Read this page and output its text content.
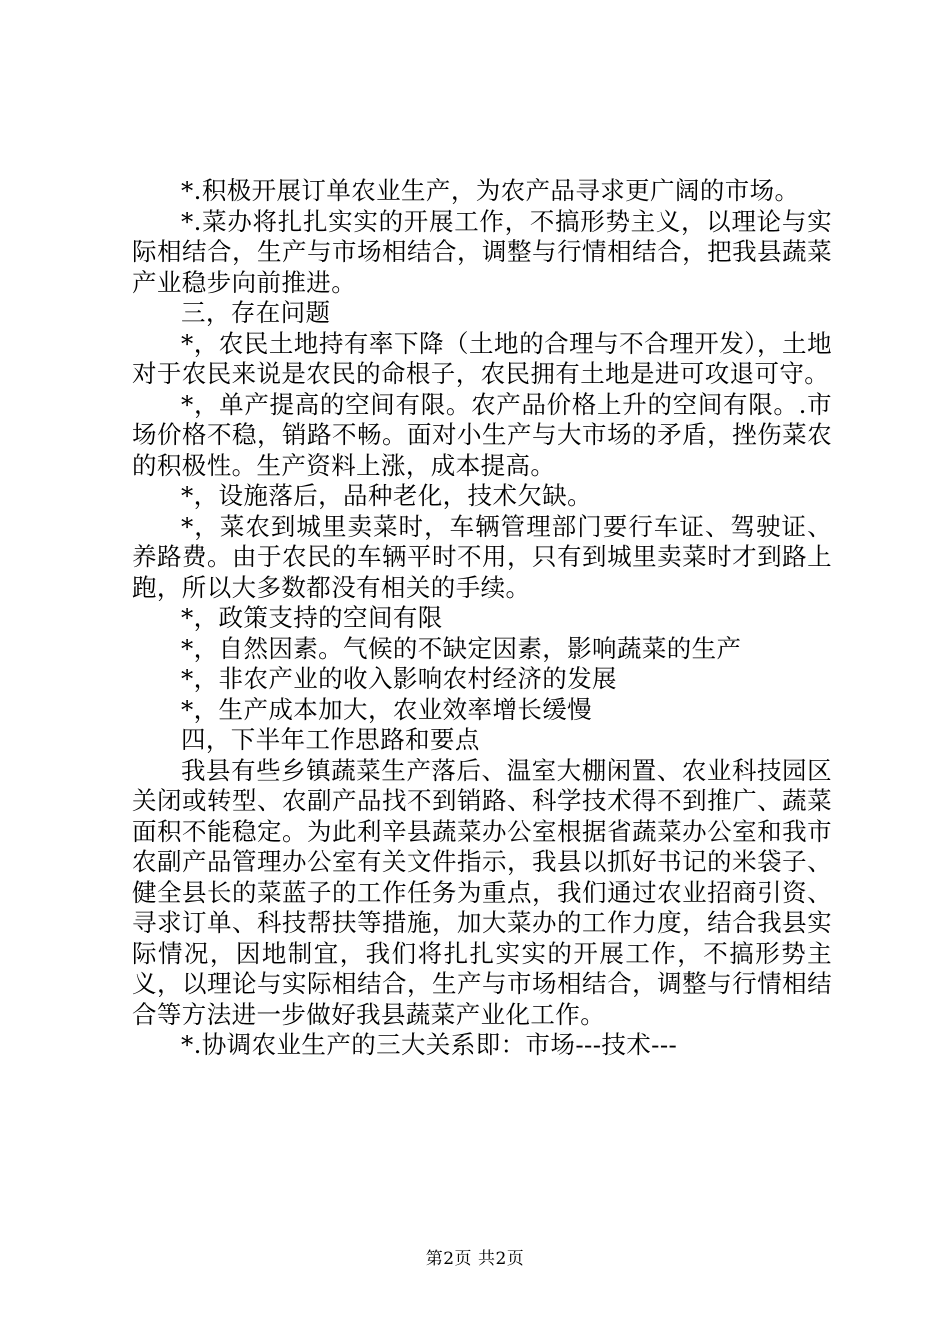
*.积极开展订单农业生产，为农产品寻求更广阔的市场。

*.菜办将扎扎实实的开展工作，不搞形势主义，以理论与实际相结合，生产与市场相结合，调整与行情相结合，把我县蔬菜产业稳步向前推进。

三，存在问题

*，农民土地持有率下降（土地的合理与不合理开发），土地对于农民来说是农民的命根子，农民拥有土地是进可攻退可守。

*，单产提高的空间有限。农产品价格上升的空间有限。.市场价格不稳，销路不畅。面对小生产与大市场的矛盾，挫伤菜农的积极性。生产资料上涨，成本提高。

*，设施落后，品种老化，技术欠缺。

*，菜农到城里卖菜时，车辆管理部门要行车证、驾驶证、养路费。由于农民的车辆平时不用，只有到城里卖菜时才到路上跑，所以大多数都没有相关的手续。

*，政策支持的空间有限

*，自然因素。气候的不缺定因素，影响蔬菜的生产

*，非农产业的收入影响农村经济的发展

*，生产成本加大，农业效率增长缓慢

四，下半年工作思路和要点

我县有些乡镇蔬菜生产落后、温室大棚闲置、农业科技园区关闭或转型、农副产品找不到销路、科学技术得不到推广、蔬菜面积不能稳定。为此利辛县蔬菜办公室根据省蔬菜办公室和我市农副产品管理办公室有关文件指示，我县以抓好书记的米袋子、健全县长的菜蓝子的工作任务为重点，我们通过农业招商引资、寻求订单、科技帮扶等措施，加大菜办的工作力度，结合我县实际情况，因地制宜，我们将扎扎实实的开展工作，不搞形势主义，以理论与实际相结合，生产与市场相结合，调整与行情相结合等方法进一步做好我县蔬菜产业化工作。

*.协调农业生产的三大关系即：市场---技术---

第2页 共2页
